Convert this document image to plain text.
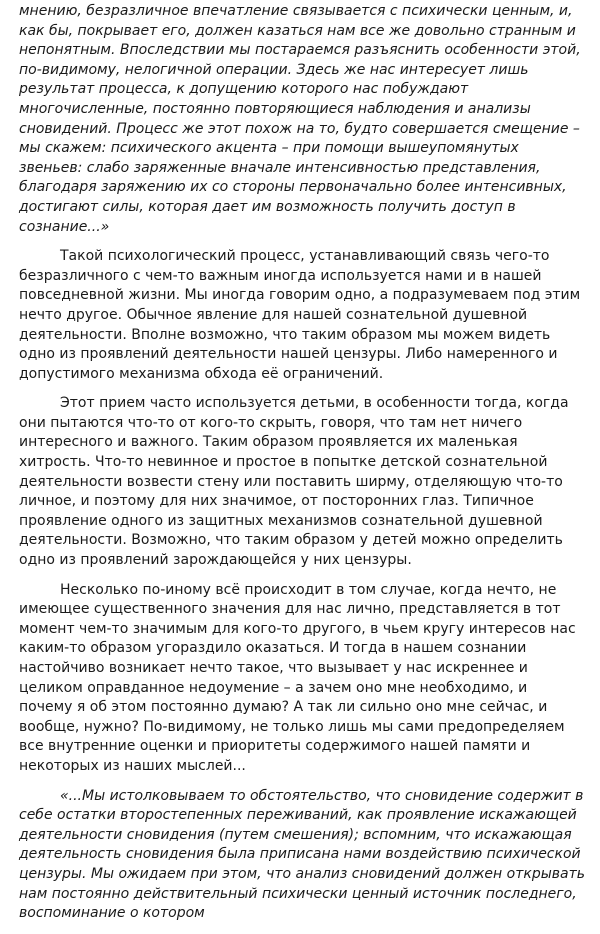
мнению, безразличное впечатление связывается с психически ценным, и, как бы, покрывает его, должен казаться нам все же довольно странным и непонятным. Впоследствии мы постараемся разъяснить особенности этой, по-видимому, нелогичной операции. Здесь же нас интересует лишь результат процесса, к допущению которого нас побуждают многочисленные, постоянно повторяющиеся наблюдения и анализы сновидений. Процесс же этот похож на то, будто совершается смещение – мы скажем: психического акцента – при помощи вышеупомянутых звеньев: слабо заряженные вначале интенсивностью представления, благодаря заряжению их со стороны первоначально более интенсивных, достигают силы, которая дает им возможность получить доступ в сознание...»

Такой психологический процесс, устанавливающий связь чего-то безразличного с чем-то важным иногда используется нами и в нашей повседневной жизни. Мы иногда говорим одно, а подразумеваем под этим нечто другое. Обычное явление для нашей сознательной душевной деятельности. Вполне возможно, что таким образом мы можем видеть одно из проявлений деятельности нашей цензуры. Либо намеренного и допустимого механизма обхода её ограничений.

Этот прием часто используется детьми, в особенности тогда, когда они пытаются что-то от кого-то скрыть, говоря, что там нет ничего интересного и важного. Таким образом проявляется их маленькая хитрость. Что-то невинное и простое в попытке детской сознательной деятельности возвести стену или поставить ширму, отделяющую что-то личное, и поэтому для них значимое, от посторонних глаз. Типичное проявление одного из защитных механизмов сознательной душевной деятельности. Возможно, что таким образом у детей можно определить одно из проявлений зарождающейся у них цензуры.

Несколько по-иному всё происходит в том случае, когда нечто, не имеющее существенного значения для нас лично, представляется в тот момент чем-то значимым для кого-то другого, в чьем кругу интересов нас каким-то образом угораздило оказаться. И тогда в нашем сознании настойчиво возникает нечто такое, что вызывает у нас искреннее и целиком оправданное недоумение – а зачем оно мне необходимо, и почему я об этом постоянно думаю? А так ли сильно оно мне сейчас, и вообще, нужно? По-видимому, не только лишь мы сами предопределяем все внутренние оценки и приоритеты содержимого нашей памяти и некоторых из наших мыслей...

«...Мы истолковываем то обстоятельство, что сновидение содержит в себе остатки второстепенных переживаний, как проявление искажающей деятельности сновидения (путем смешения); вспомним, что искажающая деятельность сновидения была приписана нами воздействию психической цензуры. Мы ожидаем при этом, что анализ сновидений должен открывать нам постоянно действительный психически ценный источник последнего, воспоминание о котором
